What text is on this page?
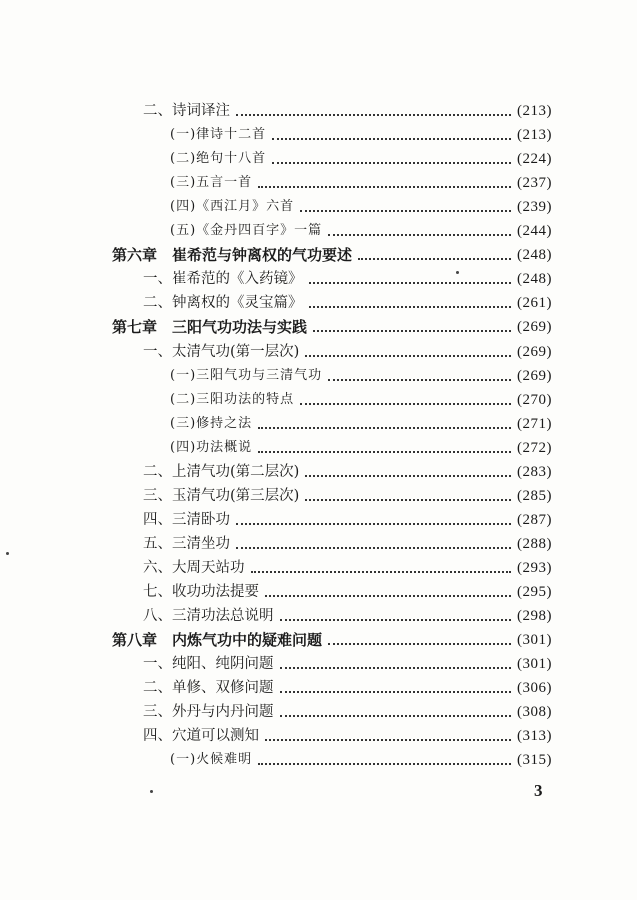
二、诗词译注	(213)
(一)律诗十二首	(213)
(二)绝句十八首	(224)
(三)五言一首	(237)
(四)《西江月》六首	(239)
(五)《金丹四百字》一篇	(244)
第六章　崔希范与钟离权的气功要述	(248)
一、崔希范的《入药镜》	(248)
二、钟离权的《灵宝篇》	(261)
第七章　三阳气功功法与实践	(269)
一、太清气功(第一层次)	(269)
(一)三阳气功与三清气功	(269)
(二)三阳功法的特点	(270)
(三)修持之法	(271)
(四)功法概说	(272)
二、上清气功(第二层次)	(283)
三、玉清气功(第三层次)	(285)
四、三清卧功	(287)
五、三清坐功	(288)
六、大周天站功	(293)
七、收功功法提要	(295)
八、三清功法总说明	(298)
第八章　内炼气功中的疑难问题	(301)
一、纯阳、纯阴问题	(301)
二、单修、双修问题	(306)
三、外丹与内丹问题	(308)
四、穴道可以测知	(313)
(一)火候难明	(315)
3
